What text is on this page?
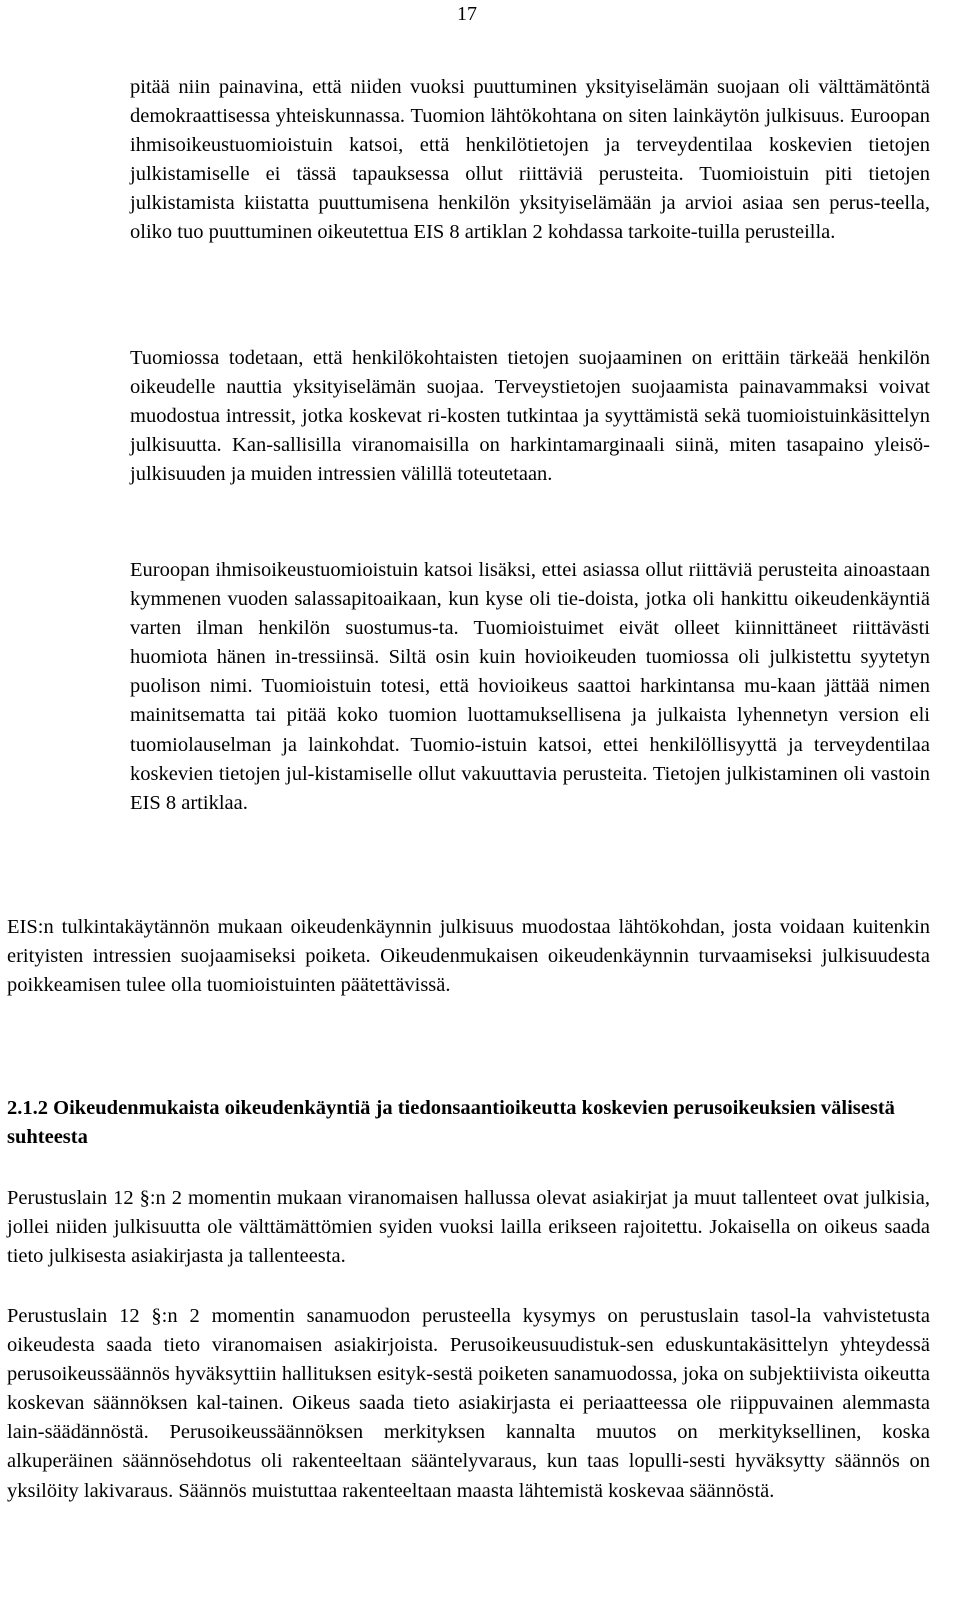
17

pitää niin painavina, että niiden vuoksi puuttuminen yksityiselämän suojaan oli välttämätöntä demokraattisessa yhteiskunnassa. Tuomion lähtökohtana on siten lainkäytön julkisuus. Euroopan ihmisoikeustuomioistuin katsoi, että henkilötietojen ja terveydentilaa koskevien tietojen julkistamiselle ei tässä tapauksessa ollut riittäviä perusteita. Tuomioistuin piti tietojen julkistamista kiistatta puuttumisena henkilön yksityiselämään ja arvioi asiaa sen perus-teella, oliko tuo puuttuminen oikeutettua EIS 8 artiklan 2 kohdassa tarkoite-tuilla perusteilla.

Tuomiossa todetaan, että henkilökohtaisten tietojen suojaaminen on erittäin tärkeää henkilön oikeudelle nauttia yksityiselämän suojaa. Terveystietojen suojaamista painavammaksi voivat muodostua intressit, jotka koskevat ri-kosten tutkintaa ja syyttämistä sekä tuomioistuinkäsittelyn julkisuutta. Kan-sallisilla viranomaisilla on harkintamarginaali siinä, miten tasapaino yleisö-julkisuuden ja muiden intressien välillä toteutetaan.

Euroopan ihmisoikeustuomioistuin katsoi lisäksi, ettei asiassa ollut riittäviä perusteita ainoastaan kymmenen vuoden salassapitoaikaan, kun kyse oli tie-doista, jotka oli hankittu oikeudenkäyntiä varten ilman henkilön suostumus-ta. Tuomioistuimet eivät olleet kiinnittäneet riittävästi huomiota hänen in-tressiinsä. Siltä osin kuin hovioikeuden tuomiossa oli julkistettu syytetyn puolison nimi. Tuomioistuin totesi, että hovioikeus saattoi harkintansa mu-kaan jättää nimen mainitsematta tai pitää koko tuomion luottamuksellisena ja julkaista lyhennetyn version eli tuomiolauselman ja lainkohdat. Tuomio-istuin katsoi, ettei henkilöllisyyttä ja terveydentilaa koskevien tietojen jul-kistamiselle ollut vakuuttavia perusteita. Tietojen julkistaminen oli vastoin EIS 8 artiklaa.

EIS:n tulkintakäytännön mukaan oikeudenkäynnin julkisuus muodostaa lähtökohdan, josta voidaan kuitenkin erityisten intressien suojaamiseksi poiketa. Oikeudenmukaisen oikeudenkäynnin turvaamiseksi julkisuudesta poikkeamisen tulee olla tuomioistuinten päätettävissä.

2.1.2 Oikeudenmukaista oikeudenkäyntiä ja tiedonsaantioikeutta koskevien perusoikeuksien välisestä suhteesta

Perustuslain 12 §:n 2 momentin mukaan viranomaisen hallussa olevat asiakirjat ja muut tallenteet ovat julkisia, jollei niiden julkisuutta ole välttämättömien syiden vuoksi lailla erikseen rajoitettu. Jokaisella on oikeus saada tieto julkisesta asiakirjasta ja tallenteesta.

Perustuslain 12 §:n 2 momentin sanamuodon perusteella kysymys on perustuslain tasol-la vahvistetusta oikeudesta saada tieto viranomaisen asiakirjoista. Perusoikeusuudistuk-sen eduskuntakäsittelyn yhteydessä perusoikeussäännös hyväksyttiin hallituksen esityk-sestä poiketen sanamuodossa, joka on subjektiivista oikeutta koskevan säännöksen kal-tainen. Oikeus saada tieto asiakirjasta ei periaatteessa ole riippuvainen alemmasta lain-säädännöstä. Perusoikeussäännöksen merkityksen kannalta muutos on merkityksellinen, koska alkuperäinen säännösehdotus oli rakenteeltaan sääntelyvaraus, kun taas lopulli-sesti hyväksytty säännös on yksilöity lakivaraus. Säännös muistuttaa rakenteeltaan maasta lähtemistä koskevaa säännöstä.
